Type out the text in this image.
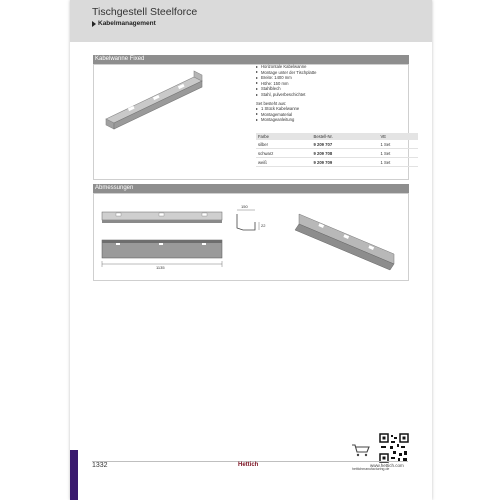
Tischgestell Steelforce
Kabelmanagement
Kabelwanne Fixed
Horizontale Kabelwanne
Montage unter der Tischplatte
Breite: 1400 mm
Höhe: 150 mm
Stahlblech
Stahl, pulverbeschichtet
Set besteht aus:
1 Stück Kabelwanne
Montagematerial
Montageanleitung
Farbe	Bestell-Nr.	VE
silber	9 209 707	1 Set
schwarz	9 209 708	1 Set
weiß	9 209 709	1 Set
Abmessungen
150
22
1135
hettichmanufacturing.de
1332	Hettich	www.hettich.com
